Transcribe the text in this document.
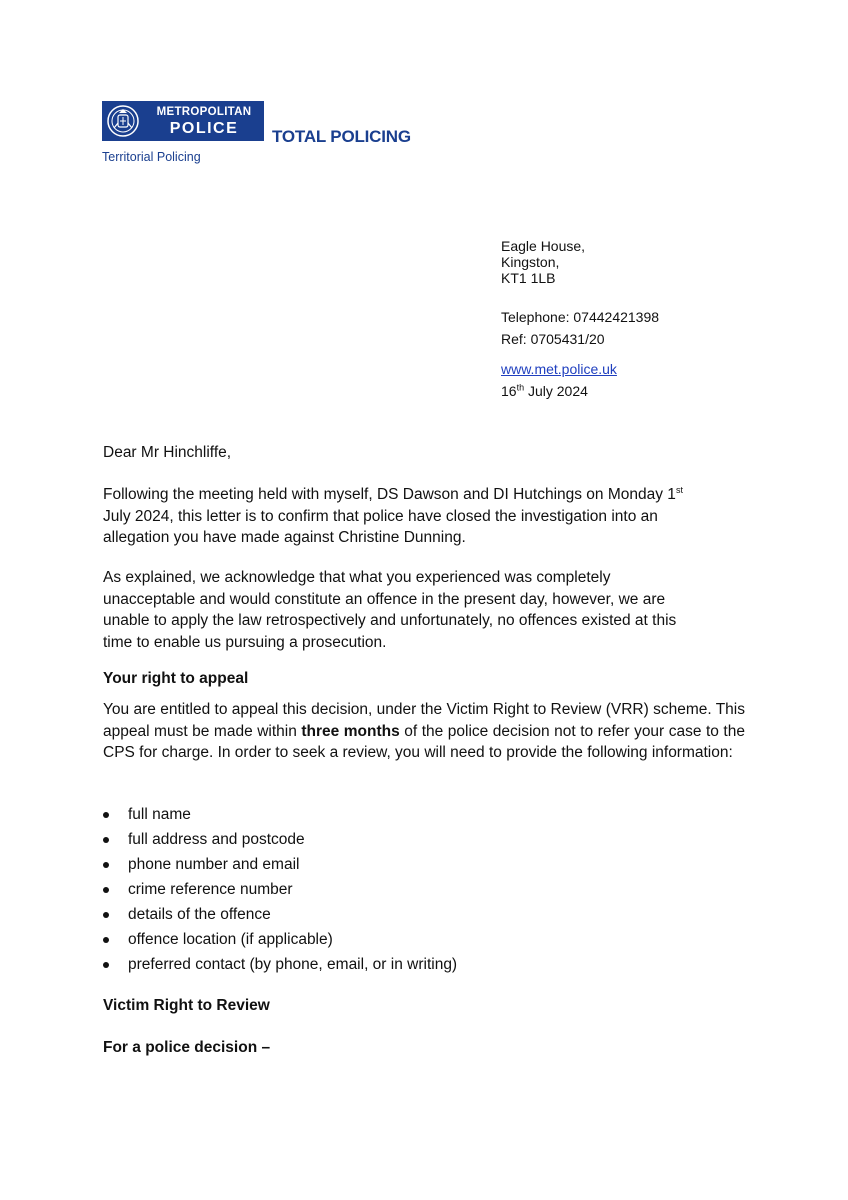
METROPOLITAN
POLICE	TOTAL POLICING
Territorial Policing
Eagle House,
Kingston,
KT1 1LB
Telephone: 07442421398
Ref: 0705431/20
www.met.police.uk
16th July 2024
Dear Mr Hinchliffe,
Following the meeting held with myself, DS Dawson and DI Hutchings on Monday 1st
July 2024, this letter is to confirm that police have closed the investigation into an
allegation you have made against Christine Dunning.
As explained, we acknowledge that what you experienced was completely
unacceptable and would constitute an offence in the present day, however, we are
unable to apply the law retrospectively and unfortunately, no offences existed at this
time to enable us pursuing a prosecution.
Your right to appeal
You are entitled to appeal this decision, under the Victim Right to Review (VRR) scheme. This appeal must be made within three months of the police decision not to refer your case to the CPS for charge. In order to seek a review, you will need to provide the following information:
full name
full address and postcode
phone number and email
crime reference number
details of the offence
offence location (if applicable)
preferred contact (by phone, email, or in writing)
Victim Right to Review
For a police decision –
